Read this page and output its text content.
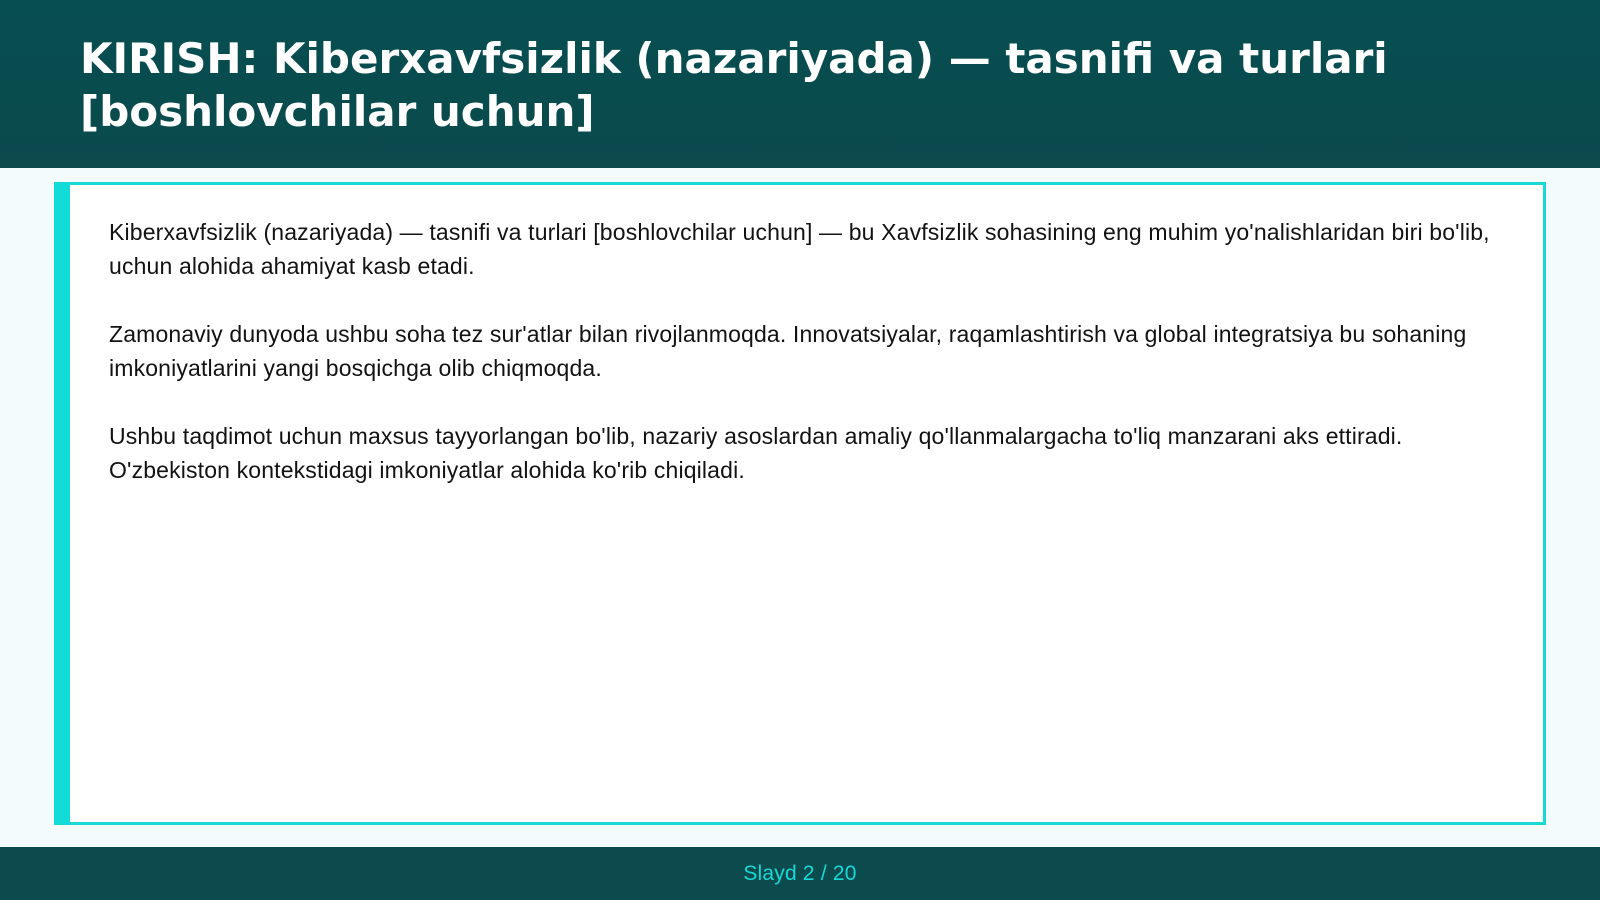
KIRISH: Kiberxavfsizlik (nazariyada) — tasnifi va turlari
[boshlovchilar uchun]

Kiberxavfsizlik (nazariyada) — tasnifi va turlari [boshlovchilar uchun] — bu Xavfsizlik sohasining eng muhim yo'nalishlaridan biri bo'lib, uchun alohida ahamiyat kasb etadi.

Zamonaviy dunyoda ushbu soha tez sur'atlar bilan rivojlanmoqda. Innovatsiyalar, raqamlashtirish va global integratsiya bu sohaning imkoniyatlarini yangi bosqichga olib chiqmoqda.

Ushbu taqdimot uchun maxsus tayyorlangan bo'lib, nazariy asoslardan amaliy qo'llanmalargacha to'liq manzarani aks ettiradi. O'zbekiston kontekstidagi imkoniyatlar alohida ko'rib chiqiladi.

Slayd 2 / 20
